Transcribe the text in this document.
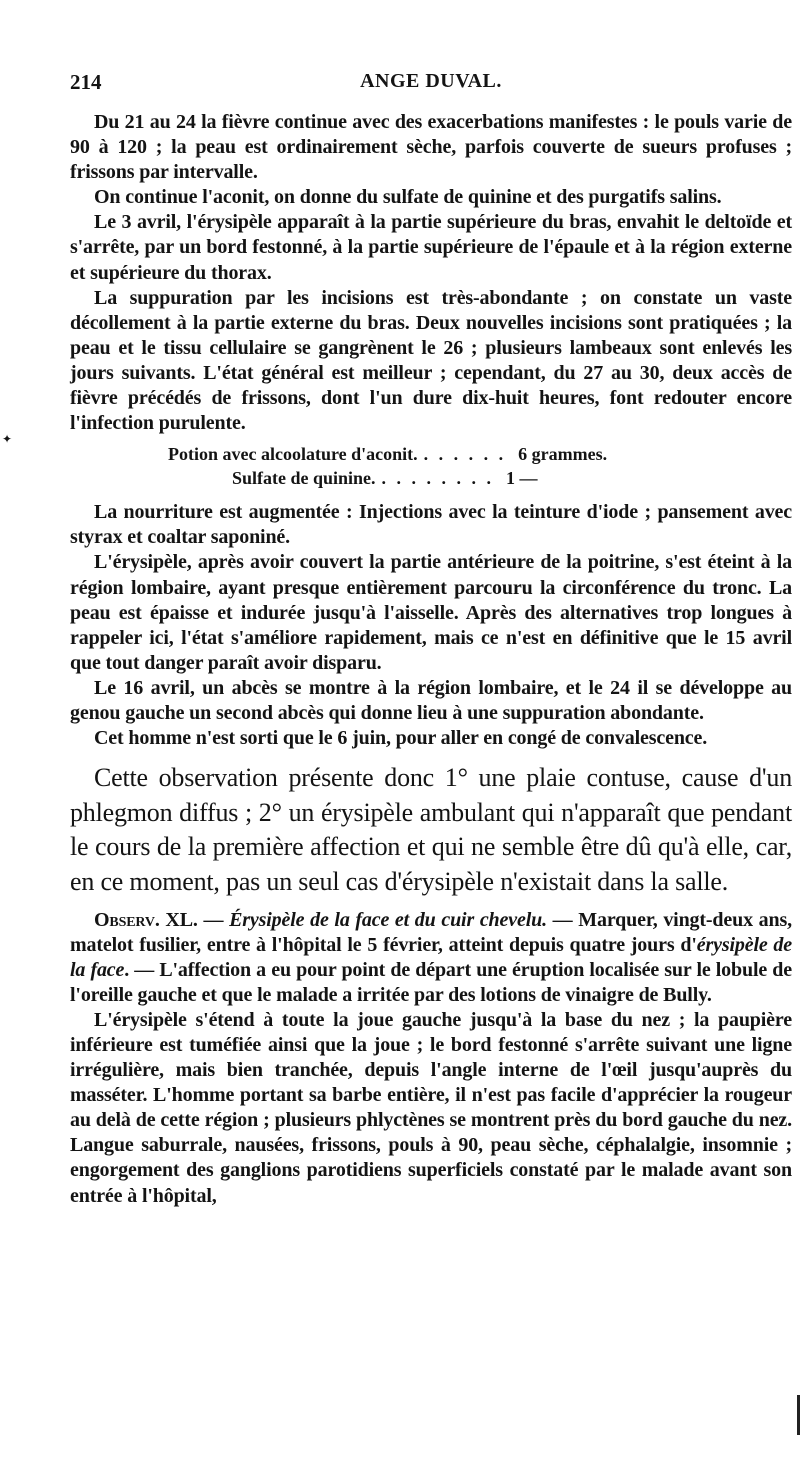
214	ANGE DUVAL.

Du 21 au 24 la fièvre continue avec des exacerbations manifestes : le pouls varie de 90 à 120 ; la peau est ordinairement sèche, parfois couverte de sueurs profuses ; frissons par intervalle.

On continue l'aconit, on donne du sulfate de quinine et des purgatifs salins.

Le 3 avril, l'érysipèle apparaît à la partie supérieure du bras, envahit le deltoïde et s'arrête, par un bord festonné, à la partie supérieure de l'épaule et à la région externe et supérieure du thorax.

La suppuration par les incisions est très-abondante ; on constate un vaste décollement à la partie externe du bras. Deux nouvelles incisions sont pratiquées ; la peau et le tissu cellulaire se gangrènent le 26 ; plusieurs lambeaux sont enlevés les jours suivants. L'état général est meilleur ; cependant, du 27 au 30, deux accès de fièvre précédés de frissons, dont l'un dure dix-huit heures, font redouter encore l'infection purulente.

Potion avec alcoolature d'aconit. . . . . . . 6 grammes.
Sulfate de quinine. . . . . . . . . 1 —

La nourriture est augmentée : Injections avec la teinture d'iode ; pansement avec styrax et coaltar saponiné.

L'érysipèle, après avoir couvert la partie antérieure de la poitrine, s'est éteint à la région lombaire, ayant presque entièrement parcouru la circonférence du tronc. La peau est épaisse et indurée jusqu'à l'aisselle. Après des alternatives trop longues à rappeler ici, l'état s'améliore rapidement, mais ce n'est en définitive que le 15 avril que tout danger paraît avoir disparu.

Le 16 avril, un abcès se montre à la région lombaire, et le 24 il se développe au genou gauche un second abcès qui donne lieu à une suppuration abondante.

Cet homme n'est sorti que le 6 juin, pour aller en congé de convalescence.

Cette observation présente donc 1° une plaie contuse, cause d'un phlegmon diffus ; 2° un érysipèle ambulant qui n'apparaît que pendant le cours de la première affection et qui ne semble être dû qu'à elle, car, en ce moment, pas un seul cas d'érysipèle n'existait dans la salle.

Observ. XL. — Érysipèle de la face et du cuir chevelu. — Marquer, vingt-deux ans, matelot fusilier, entre à l'hôpital le 5 février, atteint depuis quatre jours d'érysipèle de la face. — L'affection a eu pour point de départ une éruption localisée sur le lobule de l'oreille gauche et que le malade a irritée par des lotions de vinaigre de Bully.

L'érysipèle s'étend à toute la joue gauche jusqu'à la base du nez ; la paupière inférieure est tuméfiée ainsi que la joue ; le bord festonné s'arrête suivant une ligne irrégulière, mais bien tranchée, depuis l'angle interne de l'œil jusqu'auprès du masséter. L'homme portant sa barbe entière, il n'est pas facile d'apprécier la rougeur au delà de cette région ; plusieurs phlyctènes se montrent près du bord gauche du nez. Langue saburrale, nausées, frissons, pouls à 90, peau sèche, céphalalgie, insomnie ; engorgement des ganglions parotidiens superficiels constaté par le malade avant son entrée à l'hôpital,

✦
